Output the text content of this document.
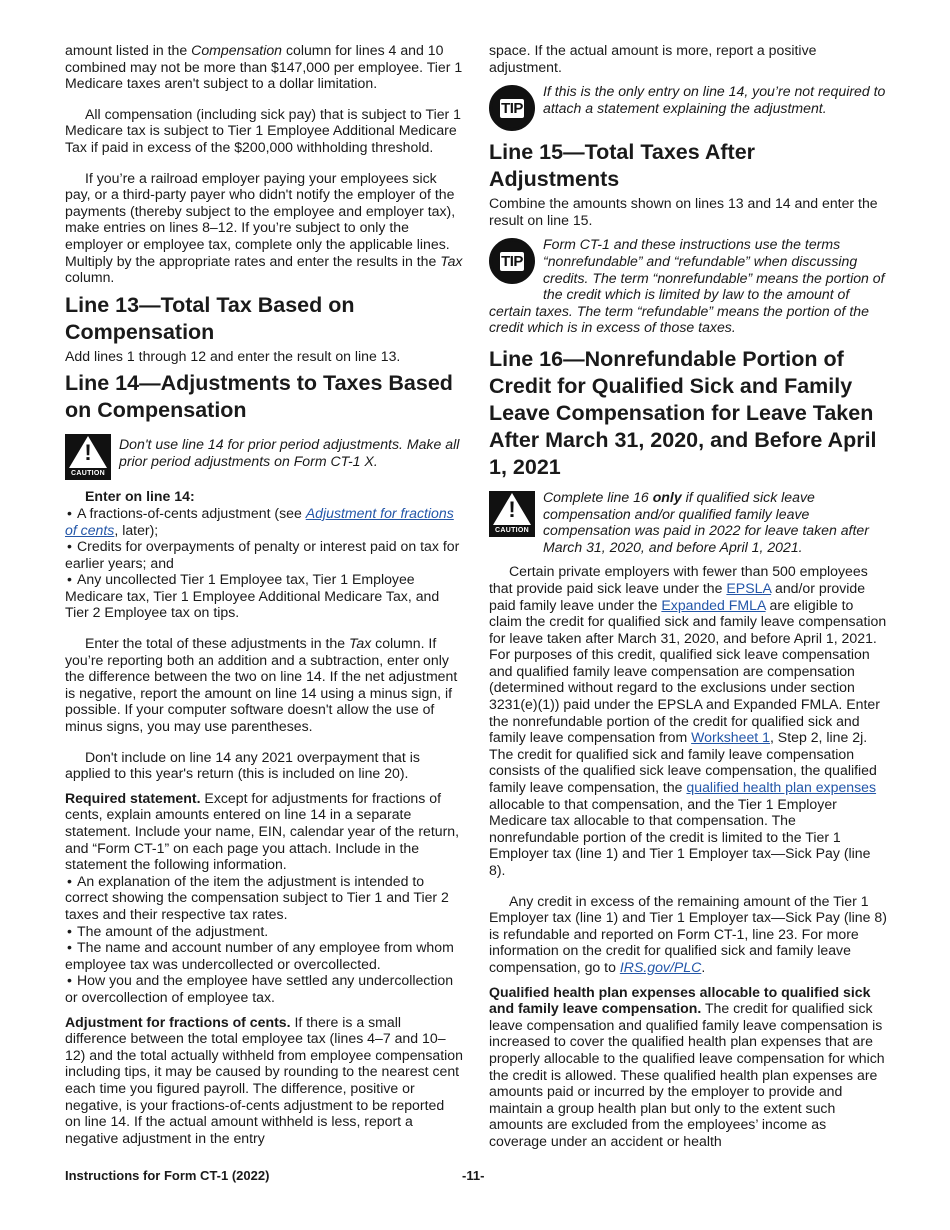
amount listed in the Compensation column for lines 4 and 10 combined may not be more than $147,000 per employee. Tier 1 Medicare taxes aren't subject to a dollar limitation.

All compensation (including sick pay) that is subject to Tier 1 Medicare tax is subject to Tier 1 Employee Additional Medicare Tax if paid in excess of the $200,000 withholding threshold.

If you’re a railroad employer paying your employees sick pay, or a third-party payer who didn't notify the employer of the payments (thereby subject to the employee and employer tax), make entries on lines 8–12. If you’re subject to only the employer or employee tax, complete only the applicable lines. Multiply by the appropriate rates and enter the results in the Tax column.

Line 13—Total Tax Based on Compensation

Add lines 1 through 12 and enter the result on line 13.

Line 14—Adjustments to Taxes Based on Compensation
!
CAUTION

Don't use line 14 for prior period adjustments. Make all prior period adjustments on Form CT-1 X.

Enter on line 14:

• A fractions-of-cents adjustment (see Adjustment for fractions of cents, later);

• Credits for overpayments of penalty or interest paid on tax for earlier years; and

• Any uncollected Tier 1 Employee tax, Tier 1 Employee Medicare tax, Tier 1 Employee Additional Medicare Tax, and Tier 2 Employee tax on tips.

Enter the total of these adjustments in the Tax column. If you’re reporting both an addition and a subtraction, enter only the difference between the two on line 14. If the net adjustment is negative, report the amount on line 14 using a minus sign, if possible. If your computer software doesn't allow the use of minus signs, you may use parentheses.

Don't include on line 14 any 2021 overpayment that is applied to this year's return (this is included on line 20).

Required statement. Except for adjustments for fractions of cents, explain amounts entered on line 14 in a separate statement. Include your name, EIN, calendar year of the return, and “Form CT-1” on each page you attach. Include in the statement the following information.

• An explanation of the item the adjustment is intended to correct showing the compensation subject to Tier 1 and Tier 2 taxes and their respective tax rates.

• The amount of the adjustment.

• The name and account number of any employee from whom employee tax was undercollected or overcollected.

• How you and the employee have settled any undercollection or overcollection of employee tax.

Adjustment for fractions of cents. If there is a small difference between the total employee tax (lines 4–7 and 10–12) and the total actually withheld from employee compensation including tips, it may be caused by rounding to the nearest cent each time you figured payroll. The difference, positive or negative, is your fractions-of-cents adjustment to be reported on line 14. If the actual amount withheld is less, report a negative adjustment in the entry

space. If the actual amount is more, report a positive adjustment.

TIP

If this is the only entry on line 14, you’re not required to attach a statement explaining the adjustment.

Line 15—Total Taxes After Adjustments

Combine the amounts shown on lines 13 and 14 and enter the result on line 15.

TIP

Form CT-1 and these instructions use the terms “nonrefundable” and “refundable” when discussing credits. The term “nonrefundable” means the portion of the credit which is limited by law to the amount of certain taxes. The term “refundable” means the portion of the credit which is in excess of those taxes.

Line 16—Nonrefundable Portion of Credit for Qualified Sick and Family Leave Compensation for Leave Taken After March 31, 2020, and Before April 1, 2021
!
CAUTION

Complete line 16 only if qualified sick leave compensation and/or qualified family leave compensation was paid in 2022 for leave taken after March 31, 2020, and before April 1, 2021.

Certain private employers with fewer than 500 employees that provide paid sick leave under the EPSLA and/or provide paid family leave under the Expanded FMLA are eligible to claim the credit for qualified sick and family leave compensation for leave taken after March 31, 2020, and before April 1, 2021. For purposes of this credit, qualified sick leave compensation and qualified family leave compensation are compensation (determined without regard to the exclusions under section 3231(e)(1)) paid under the EPSLA and Expanded FMLA. Enter the nonrefundable portion of the credit for qualified sick and family leave compensation from Worksheet 1, Step 2, line 2j. The credit for qualified sick and family leave compensation consists of the qualified sick leave compensation, the qualified family leave compensation, the qualified health plan expenses allocable to that compensation, and the Tier 1 Employer Medicare tax allocable to that compensation. The nonrefundable portion of the credit is limited to the Tier 1 Employer tax (line 1) and Tier 1 Employer tax—Sick Pay (line 8).

Any credit in excess of the remaining amount of the Tier 1 Employer tax (line 1) and Tier 1 Employer tax—Sick Pay (line 8) is refundable and reported on Form CT-1, line 23. For more information on the credit for qualified sick and family leave compensation, go to IRS.gov/PLC.

Qualified health plan expenses allocable to qualified sick and family leave compensation. The credit for qualified sick leave compensation and qualified family leave compensation is increased to cover the qualified health plan expenses that are properly allocable to the qualified leave compensation for which the credit is allowed. These qualified health plan expenses are amounts paid or incurred by the employer to provide and maintain a group health plan but only to the extent such amounts are excluded from the employees’ income as coverage under an accident or health

Instructions for Form CT-1 (2022)	-11-
